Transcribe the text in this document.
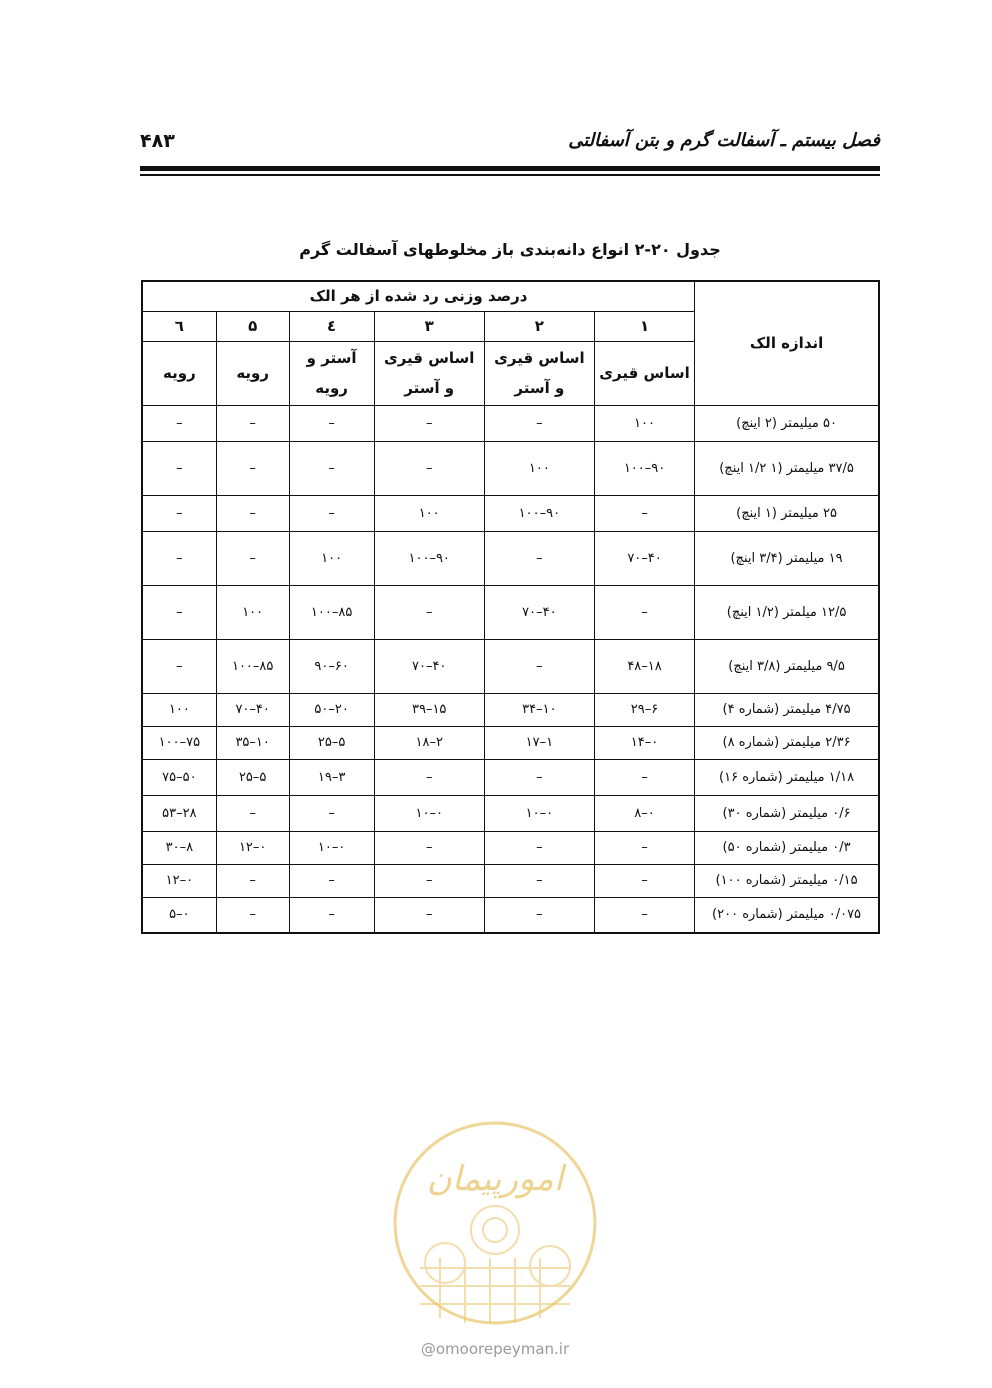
فصل بیستم ـ آسفالت گرم و بتن آسفالتی
۴۸۳
جدول ۲۰-۲ انواع دانه‌بندی باز مخلوطهای آسفالت گرم
اندازه الک	درصد وزنی رد شده از هر الک					
	۱	۲	۳	٤	۵	٦
	اساس قیری	اساس قیری و آستر	اساس قیری و آستر	آستر و رویه	رویه	رویه
۵۰ میلیمتر (۲ اینچ)	۱۰۰	–	–	–	–	–
۳۷/۵ میلیمتر (۱ ۱/۲ اینچ)	۹۰–۱۰۰	۱۰۰	–	–	–	–
۲۵ میلیمتر (۱ اینچ)	–	۹۰–۱۰۰	۱۰۰	–	–	–
۱۹ میلیمتر (۳/۴ اینچ)	۴۰–۷۰	–	۹۰–۱۰۰	۱۰۰	–	–
۱۲/۵ میلمتر (۱/۲ اینچ)	–	۴۰–۷۰	–	۸۵–۱۰۰	۱۰۰	–
۹/۵ میلیمتر (۳/۸ اینچ)	۱۸–۴۸	–	۴۰–۷۰	۶۰–۹۰	۸۵–۱۰۰	–
۴/۷۵ میلیمتر (شماره ۴)	۶–۲۹	۱۰–۳۴	۱۵–۳۹	۲۰–۵۰	۴۰–۷۰	۱۰۰
۲/۳۶ میلیمتر (شماره ۸)	۰–۱۴	۱–۱۷	۲–۱۸	۵–۲۵	۱۰–۳۵	۷۵–۱۰۰
۱/۱۸ میلیمتر (شماره ۱۶)	–	–	–	۳–۱۹	۵–۲۵	۵۰–۷۵
۰/۶ میلیمتر (شماره ۳۰)	۰–۸	۰–۱۰	۰–۱۰	–	–	۲۸–۵۳
۰/۳ میلیمتر (شماره ۵۰)	–	–	–	۰–۱۰	۰–۱۲	۸–۳۰
۰/۱۵ میلیمتر (شماره ۱۰۰)	–	–	–	–	–	۰–۱۲
۰/۰۷۵ میلیمتر (شماره ۲۰۰)	–	–	–	–	–	۰–۵
امورپیمان
@omoorepeyman.ir
